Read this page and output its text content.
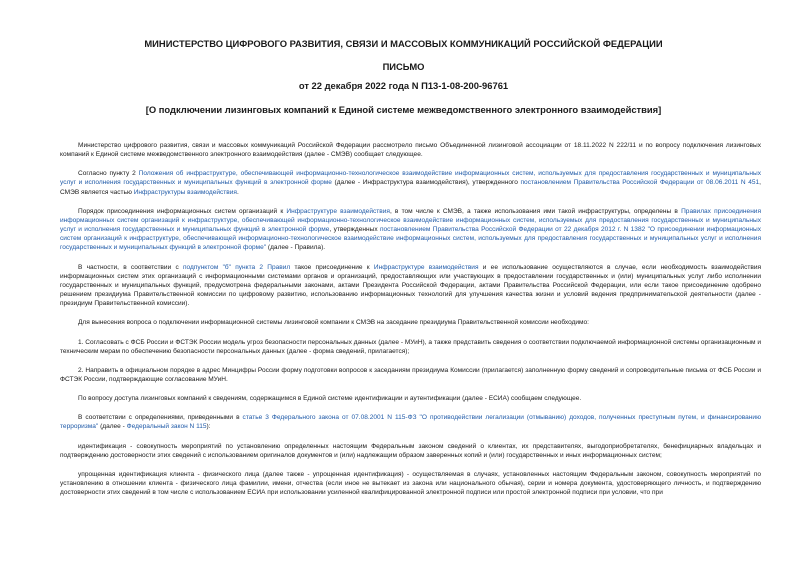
МИНИСТЕРСТВО ЦИФРОВОГО РАЗВИТИЯ, СВЯЗИ И МАССОВЫХ КОММУНИКАЦИЙ РОССИЙСКОЙ ФЕДЕРАЦИИ
ПИСЬМО
от 22 декабря 2022 года N П13-1-08-200-96761
[О подключении лизинговых компаний к Единой системе межведомственного электронного взаимодействия]

Министерство цифрового развития, связи и массовых коммуникаций Российской Федерации рассмотрело письмо Объединенной лизинговой ассоциации от 18.11.2022 N 222/11 и по вопросу подключения лизинговых компаний к Единой системе межведомственного электронного взаимодействия (далее - СМЭВ) сообщает следующее.

Согласно пункту 2 Положения об инфраструктуре, обеспечивающей информационно-технологическое взаимодействие информационных систем, используемых для предоставления государственных и муниципальных услуг и исполнения государственных и муниципальных функций в электронной форме (далее - Инфраструктура взаимодействия), утвержденного постановлением Правительства Российской Федерации от 08.06.2011 N 451, СМЭВ является частью Инфраструктуры взаимодействия.

Порядок присоединения информационных систем организаций к Инфраструктуре взаимодействия, в том числе к СМЭВ, а также использования ими такой инфраструктуры, определены в Правилах присоединения информационных систем организаций к инфраструктуре, обеспечивающей информационно-технологическое взаимодействие информационных систем, используемых для предоставления государственных и муниципальных услуг и исполнения государственных и муниципальных функций в электронной форме, утвержденных постановлением Правительства Российской Федерации от 22 декабря 2012 г. N 1382 "О присоединении информационных систем организаций к инфраструктуре, обеспечивающей информационно-технологическое взаимодействие информационных систем, используемых для предоставления государственных и муниципальных услуг и исполнения государственных и муниципальных функций в электронной форме" (далее - Правила).

В частности, в соответствии с подпунктом "б" пункта 2 Правил такое присоединение к Инфраструктуре взаимодействия и ее использование осуществляются в случае, если необходимость взаимодействия информационных систем этих организаций с информационными системами органов и организаций, предоставляющих или участвующих в предоставлении государственных и (или) муниципальных услуг либо исполнении государственных и муниципальных функций, предусмотрена федеральными законами, актами Президента Российской Федерации, актами Правительства Российской Федерации, или если такое присоединение одобрено решением президиума Правительственной комиссии по цифровому развитию, использованию информационных технологий для улучшения качества жизни и условий ведения предпринимательской деятельности (далее - президиум Правительственной комиссии).

Для вынесения вопроса о подключении информационной системы лизинговой компании к СМЭВ на заседание президиума Правительственной комиссии необходимо:

1. Согласовать с ФСБ России и ФСТЭК России модель угроз безопасности персональных данных (далее - МУиН), а также представить сведения о соответствии подключаемой информационной системы организационным и техническим мерам по обеспечению безопасности персональных данных (далее - форма сведений, прилагается);

2. Направить в официальном порядке в адрес Минцифры России форму подготовки вопросов к заседаниям президиума Комиссии (прилагается) заполненную форму сведений и сопроводительные письма от ФСБ России и ФСТЭК России, подтверждающие согласование МУиН.

По вопросу доступа лизинговых компаний к сведениям, содержащимся в Единой системе идентификации и аутентификации (далее - ЕСИА) сообщаем следующее.

В соответствии с определениями, приведенными в статье 3 Федерального закона от 07.08.2001 N 115-ФЗ "О противодействии легализации (отмыванию) доходов, полученных преступным путем, и финансированию терроризма" (далее - Федеральный закон N 115):

идентификация - совокупность мероприятий по установлению определенных настоящим Федеральным законом сведений о клиентах, их представителях, выгодоприобретателях, бенефициарных владельцах и подтверждению достоверности этих сведений с использованием оригиналов документов и (или) надлежащим образом заверенных копий и (или) государственных и иных информационных систем;

упрощенная идентификация клиента - физического лица (далее также - упрощенная идентификация) - осуществляемая в случаях, установленных настоящим Федеральным законом, совокупность мероприятий по установлению в отношении клиента - физического лица фамилии, имени, отчества (если иное не вытекает из закона или национального обычая), серии и номера документа, удостоверяющего личность, и подтверждению достоверности этих сведений в том числе с использованием ЕСИА при использовании усиленной квалифицированной электронной подписи или простой электронной подписи при условии, что при
